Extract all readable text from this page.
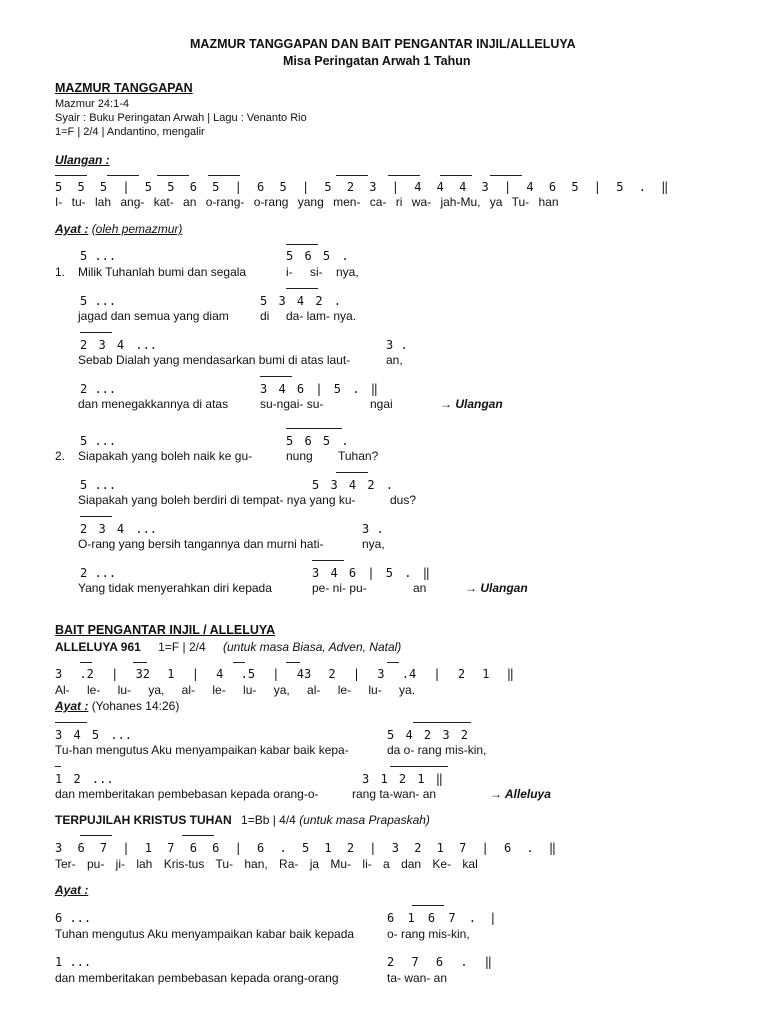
MAZMUR TANGGAPAN DAN BAIT PENGANTAR INJIL/ALLELUYA
Misa Peringatan Arwah 1 Tahun
MAZMUR TANGGAPAN
Mazmur 24:1-4
Syair : Buku Peringatan Arwah | Lagu : Venanto Rio
1=F | 2/4 | Andantino, mengalir
Ulangan :
5 5 5 | 5 5 6 5 | 6 5 | 5 2 3 | 4 4 4 3 | 4 6 5 | 5 . ‖
I- tu- lah ang- kat- an o-rang- o-rang yang men- ca- ri wa- jah-Mu, ya Tu- han
Ayat : (oleh pemazmur)
5 ...	5 6 5 .
1. Milik Tuhanlah bumi dan segala	i- si- nya,
5 ...	5 3 4 2 .
jagad dan semua yang diam	di da- lam- nya.
2 3 4 ...	3 .
Sebab Dialah yang mendasarkan bumi di atas laut-	an,
2 ...	3 4 6 | 5 . ‖
dan menegakkannya di atas	su-ngai- su-	ngai	→ Ulangan
5 ...	5 6 5 .
2. Siapakah yang boleh naik ke gu-	nung Tuhan?
5 ...	5 3 4 2 .
Siapakah yang boleh berdiri di tempat- nya yang ku-	dus?
2 3 4 ...	3 .
O-rang yang bersih tangannya dan murni hati-	nya,
2 ...	3 4 6 | 5 . ‖
Yang tidak menyerahkan diri kepada	pe- ni- pu-	an	→ Ulangan
BAIT PENGANTAR INJIL / ALLELUYA
ALLELUYA 961 1=F | 2/4 (untuk masa Biasa, Adven, Natal)
3 .2 | 32 1 | 4 .5 | 43 2 | 3 .4 | 2 1 ‖
Al- le- lu- ya, al- le- lu- ya, al- le- lu- ya.
Ayat : (Yohanes 14:26)
3 4 5 ...	5 4 2 3 2
Tu-han mengutus Aku menyampaikan kabar baik kepa-	da o- rang mis-kin,
1 2 ...	3 1 2 1 ‖
dan memberitakan pembebasan kepada orang-o-	rang ta-wan- an	→ Alleluya
TERPUJILAH KRISTUS TUHAN 1=Bb | 4/4 (untuk masa Prapaskah)
3 6 7 | 1 7 6 6 | 6 . 5 1 2 | 3 2 1 7 | 6 . ‖
Ter- pu- ji- lah Kris-tus Tu- han, Ra- ja Mu- li- a dan Ke- kal
Ayat :
6 ...	6 1 6 7 . |
Tuhan mengutus Aku menyampaikan kabar baik kepada	o- rang mis-kin,
1 ...	2 7 6 . ‖
dan memberitakan pembebasan kepada orang-orang	ta- wan- an
